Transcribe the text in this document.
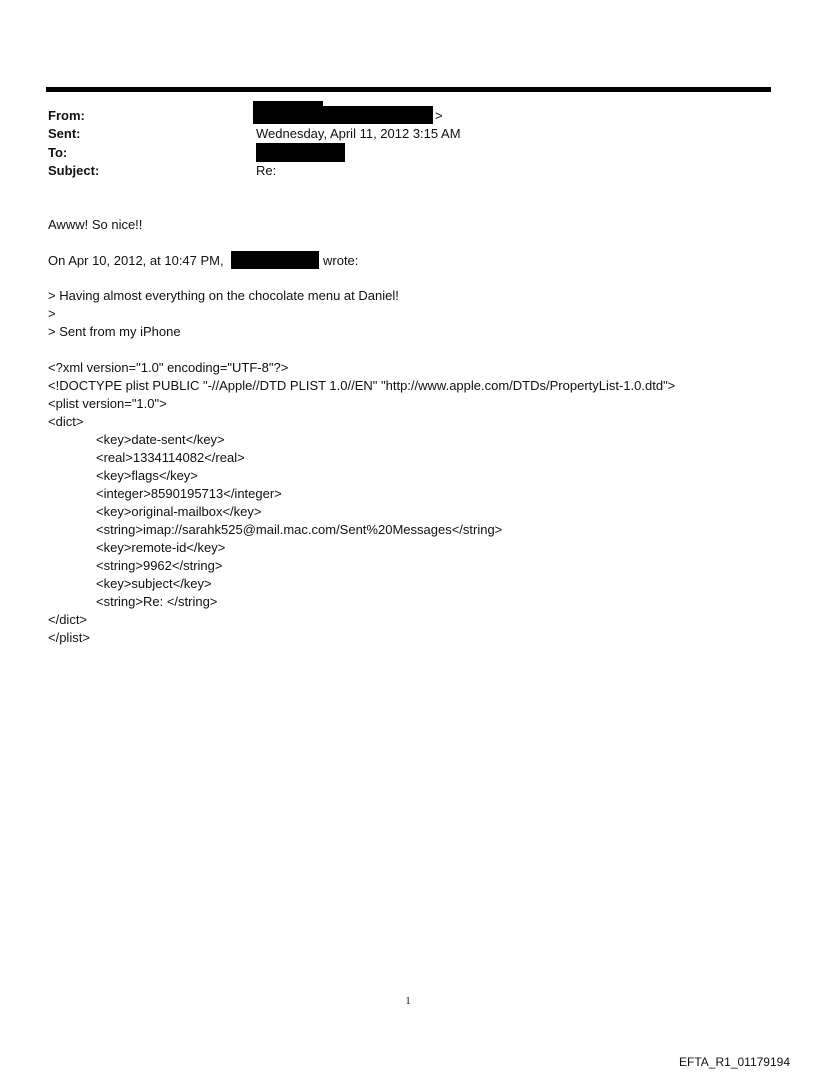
From:	>
Sent:	Wednesday, April 11, 2012 3:15 AM
To:
Subject:	Re:
Awww! So nice!!
On Apr 10, 2012, at 10:47 PM,	wrote:
> Having almost everything on the chocolate menu at Daniel!
>
> Sent from my iPhone
<?xml version="1.0" encoding="UTF-8"?>
<!DOCTYPE plist PUBLIC "-//Apple//DTD PLIST 1.0//EN" "http://www.apple.com/DTDs/PropertyList-1.0.dtd">
<plist version="1.0">
<dict>
<key>date-sent</key>
<real>1334114082</real>
<key>flags</key>
<integer>8590195713</integer>
<key>original-mailbox</key>
<string>imap://sarahk525@mail.mac.com/Sent%20Messages</string>
<key>remote-id</key>
<string>9962</string>
<key>subject</key>
<string>Re: </string>
</dict>
</plist>
1
EFTA_R1_01179194
